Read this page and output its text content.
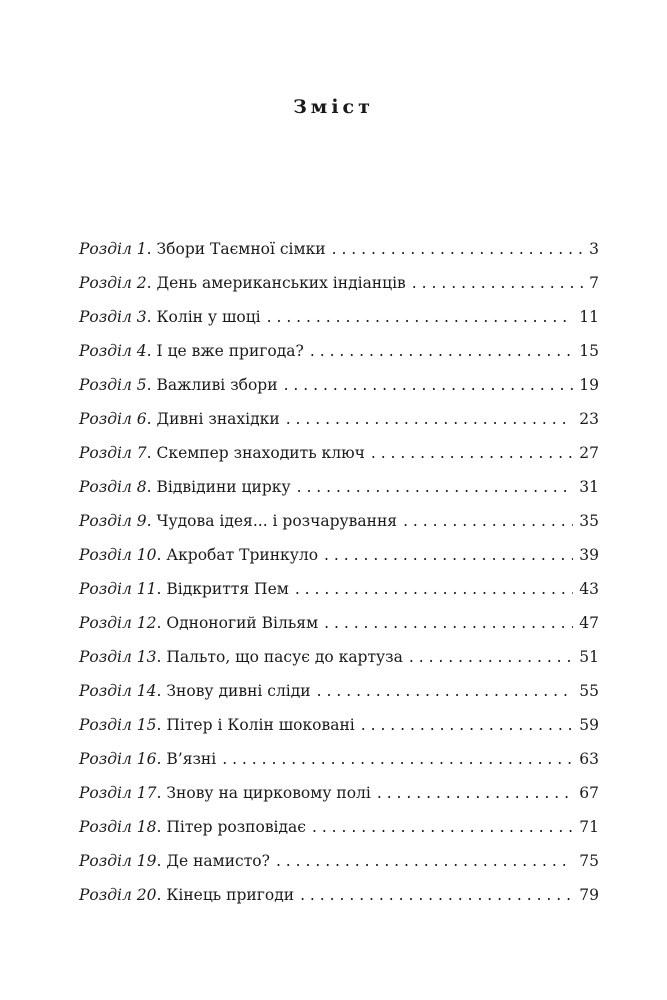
Зміст
Розділ 1. Збори Таємної сімки . . .	3
Розділ 2. День американських індіанців . . .	7
Розділ 3. Колін у шоці . . .	11
Розділ 4. І це вже пригода? . . .	15
Розділ 5. Важливі збори . . .	19
Розділ 6. Дивні знахідки . . .	23
Розділ 7. Скемпер знаходить ключ . . .	27
Розділ 8. Відвідини цирку . . .	31
Розділ 9. Чудова ідея... і розчарування . . .	35
Розділ 10. Акробат Тринкуло . . .	39
Розділ 11. Відкриття Пем . . .	43
Розділ 12. Одноногий Вільям . . .	47
Розділ 13. Пальто, що пасує до картуза . . .	51
Розділ 14. Знову дивні сліди . . .	55
Розділ 15. Пітер і Колін шоковані . . .	59
Розділ 16. В’язні . . .	63
Розділ 17. Знову на цирковому полі . . .	67
Розділ 18. Пітер розповідає . . .	71
Розділ 19. Де намисто? . . .	75
Розділ 20. Кінець пригоди . . .	79
